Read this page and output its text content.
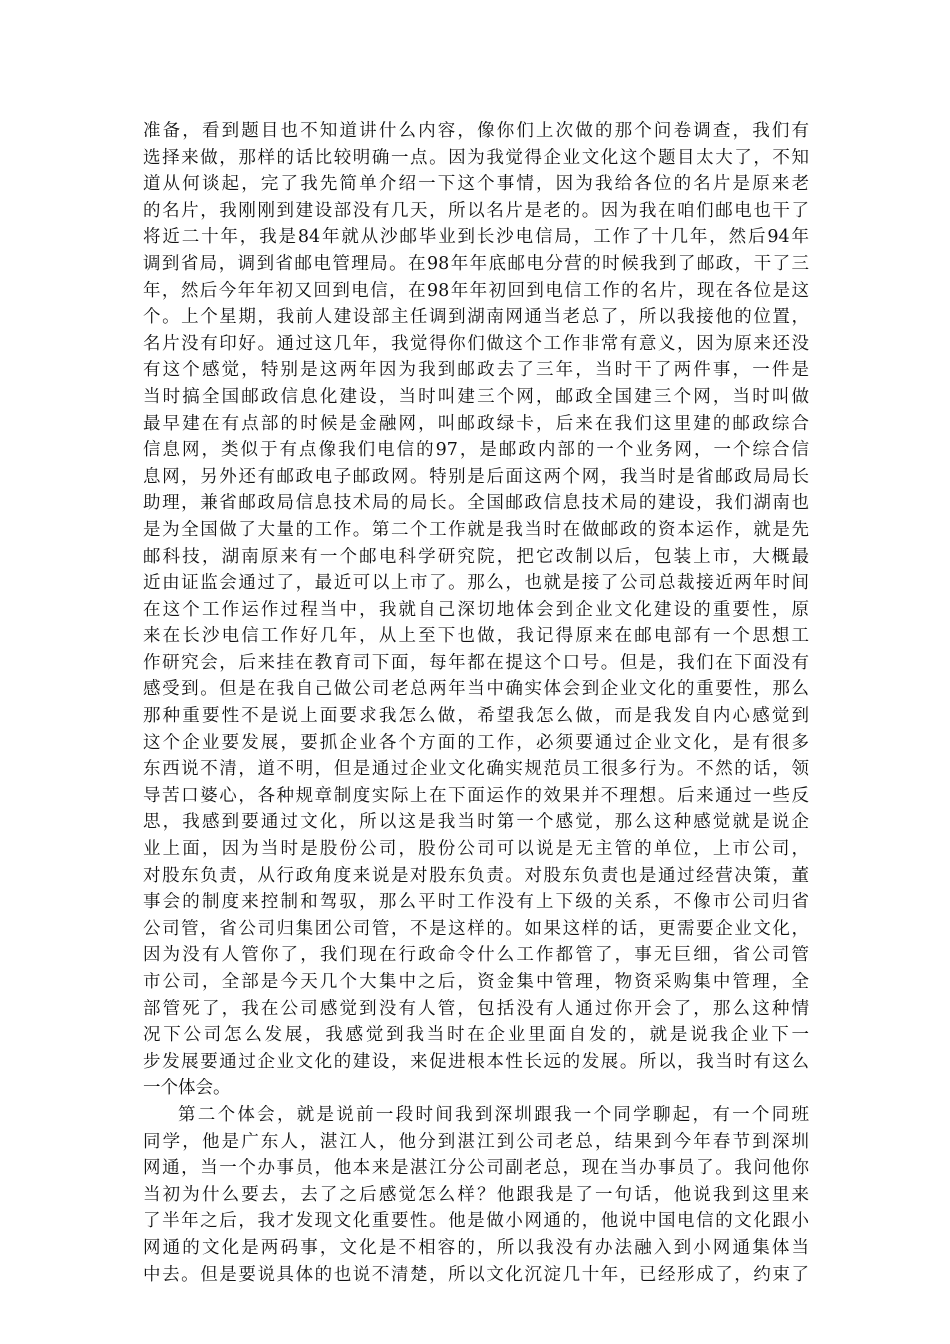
准备，看到题目也不知道讲什么内容，像你们上次做的那个问卷调查，我们有
选择来做，那样的话比较明确一点。因为我觉得企业文化这个题目太大了，不知
道从何谈起，完了我先简单介绍一下这个事情，因为我给各位的名片是原来老
的名片，我刚刚到建设部没有几天，所以名片是老的。因为我在咱们邮电也干了
将近二十年，我是84年就从沙邮毕业到长沙电信局，工作了十几年，然后94年
调到省局，调到省邮电管理局。在98年年底邮电分营的时候我到了邮政，干了三
年，然后今年年初又回到电信，在98年年初回到电信工作的名片，现在各位是这
个。上个星期，我前人建设部主任调到湖南网通当老总了，所以我接他的位置，
名片没有印好。通过这几年，我觉得你们做这个工作非常有意义，因为原来还没
有这个感觉，特别是这两年因为我到邮政去了三年，当时干了两件事，一件是
当时搞全国邮政信息化建设，当时叫建三个网，邮政全国建三个网，当时叫做
最早建在有点部的时候是金融网，叫邮政绿卡，后来在我们这里建的邮政综合
信息网，类似于有点像我们电信的97，是邮政内部的一个业务网，一个综合信
息网，另外还有邮政电子邮政网。特别是后面这两个网，我当时是省邮政局局长
助理，兼省邮政局信息技术局的局长。全国邮政信息技术局的建设，我们湖南也
是为全国做了大量的工作。第二个工作就是我当时在做邮政的资本运作，就是先
邮科技，湖南原来有一个邮电科学研究院，把它改制以后，包装上市，大概最
近由证监会通过了，最近可以上市了。那么，也就是接了公司总裁接近两年时间
在这个工作运作过程当中，我就自己深切地体会到企业文化建设的重要性，原
来在长沙电信工作好几年，从上至下也做，我记得原来在邮电部有一个思想工
作研究会，后来挂在教育司下面，每年都在提这个口号。但是，我们在下面没有
感受到。但是在我自己做公司老总两年当中确实体会到企业文化的重要性，那么
那种重要性不是说上面要求我怎么做，希望我怎么做，而是我发自内心感觉到
这个企业要发展，要抓企业各个方面的工作，必须要通过企业文化，是有很多
东西说不清，道不明，但是通过企业文化确实规范员工很多行为。不然的话，领
导苦口婆心，各种规章制度实际上在下面运作的效果并不理想。后来通过一些反
思，我感到要通过文化，所以这是我当时第一个感觉，那么这种感觉就是说企
业上面，因为当时是股份公司，股份公司可以说是无主管的单位，上市公司，
对股东负责，从行政角度来说是对股东负责。对股东负责也是通过经营决策，董
事会的制度来控制和驾驭，那么平时工作没有上下级的关系，不像市公司归省
公司管，省公司归集团公司管，不是这样的。如果这样的话，更需要企业文化，
因为没有人管你了，我们现在行政命令什么工作都管了，事无巨细，省公司管
市公司，全部是今天几个大集中之后，资金集中管理，物资采购集中管理，全
部管死了，我在公司感觉到没有人管，包括没有人通过你开会了，那么这种情
况下公司怎么发展，我感觉到我当时在企业里面自发的，就是说我企业下一
步发展要通过企业文化的建设，来促进根本性长远的发展。所以，我当时有这么
一个体会。
第二个体会，就是说前一段时间我到深圳跟我一个同学聊起，有一个同班
同学，他是广东人，湛江人，他分到湛江到公司老总，结果到今年春节到深圳
网通，当一个办事员，他本来是湛江分公司副老总，现在当办事员了。我问他你
当初为什么要去，去了之后感觉怎么样？他跟我是了一句话，他说我到这里来
了半年之后，我才发现文化重要性。他是做小网通的，他说中国电信的文化跟小
网通的文化是两码事，文化是不相容的，所以我没有办法融入到小网通集体当
中去。但是要说具体的也说不清楚，所以文化沉淀几十年，已经形成了，约束了
